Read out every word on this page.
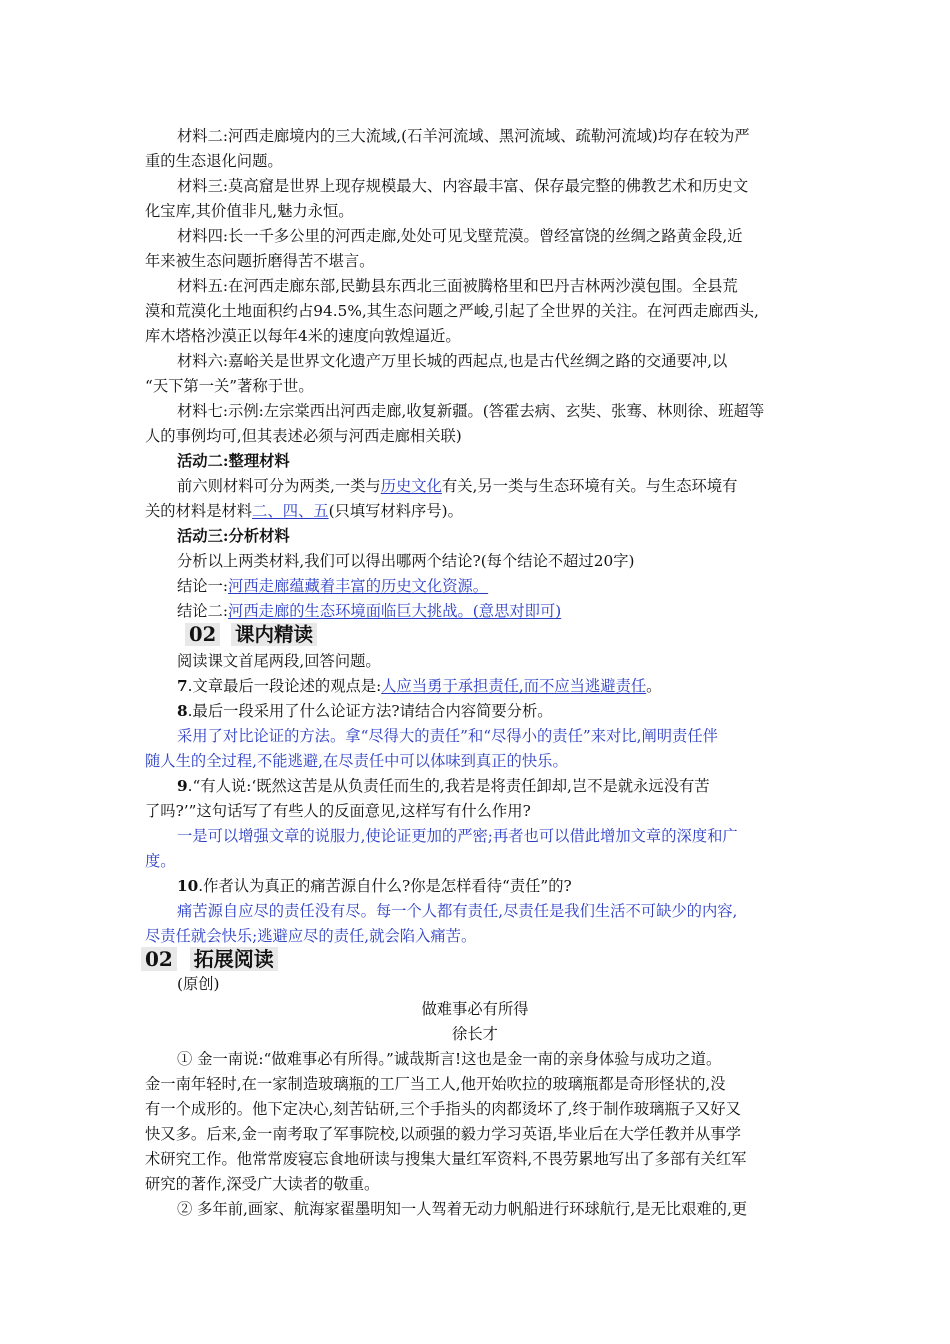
材料二:河西走廊境内的三大流域,(石羊河流域、黑河流域、疏勒河流域)均存在较为严
重的生态退化问题。
材料三:莫高窟是世界上现存规模最大、内容最丰富、保存最完整的佛教艺术和历史文
化宝库,其价值非凡,魅力永恒。
材料四:长一千多公里的河西走廊,处处可见戈壁荒漠。曾经富饶的丝绸之路黄金段,近
年来被生态问题折磨得苦不堪言。
材料五:在河西走廊东部,民勤县东西北三面被腾格里和巴丹吉林两沙漠包围。全县荒
漠和荒漠化土地面积约占94.5%,其生态问题之严峻,引起了全世界的关注。在河西走廊西头,
库木塔格沙漠正以每年4米的速度向敦煌逼近。
材料六:嘉峪关是世界文化遗产万里长城的西起点,也是古代丝绸之路的交通要冲,以
“天下第一关”著称于世。
材料七:示例:左宗棠西出河西走廊,收复新疆。(答霍去病、玄奘、张骞、林则徐、班超等
人的事例均可,但其表述必须与河西走廊相关联)
活动二:整理材料
前六则材料可分为两类,一类与历史文化有关,另一类与生态环境有关。与生态环境有
关的材料是材料二、四、五(只填写材料序号)。
活动三:分析材料
分析以上两类材料,我们可以得出哪两个结论?(每个结论不超过20字)
结论一:河西走廊蕴藏着丰富的历史文化资源。
结论二:河西走廊的生态环境面临巨大挑战。(意思对即可)
02 课内精读
阅读课文首尾两段,回答问题。
7.文章最后一段论述的观点是:人应当勇于承担责任,而不应当逃避责任。
8.最后一段采用了什么论证方法?请结合内容简要分析。
采用了对比论证的方法。拿“尽得大的责任”和“尽得小的责任”来对比,阐明责任伴
随人生的全过程,不能逃避,在尽责任中可以体味到真正的快乐。
9.“有人说:‘既然这苦是从负责任而生的,我若是将责任卸却,岂不是就永远没有苦
了吗?’”这句话写了有些人的反面意见,这样写有什么作用?
一是可以增强文章的说服力,使论证更加的严密;再者也可以借此增加文章的深度和广
度。
10.作者认为真正的痛苦源自什么?你是怎样看待“责任”的?
痛苦源自应尽的责任没有尽。每一个人都有责任,尽责任是我们生活不可缺少的内容,
尽责任就会快乐;逃避应尽的责任,就会陷入痛苦。
02 拓展阅读
(原创)
做难事必有所得
徐长才
① 金一南说:“做难事必有所得。”诚哉斯言!这也是金一南的亲身体验与成功之道。
金一南年轻时,在一家制造玻璃瓶的工厂当工人,他开始吹拉的玻璃瓶都是奇形怪状的,没
有一个成形的。他下定决心,刻苦钻研,三个手指头的肉都烫坏了,终于制作玻璃瓶子又好又
快又多。后来,金一南考取了军事院校,以顽强的毅力学习英语,毕业后在大学任教并从事学
术研究工作。他常常废寝忘食地研读与搜集大量红军资料,不畏劳累地写出了多部有关红军
研究的著作,深受广大读者的敬重。
② 多年前,画家、航海家翟墨明知一人驾着无动力帆船进行环球航行,是无比艰难的,更
